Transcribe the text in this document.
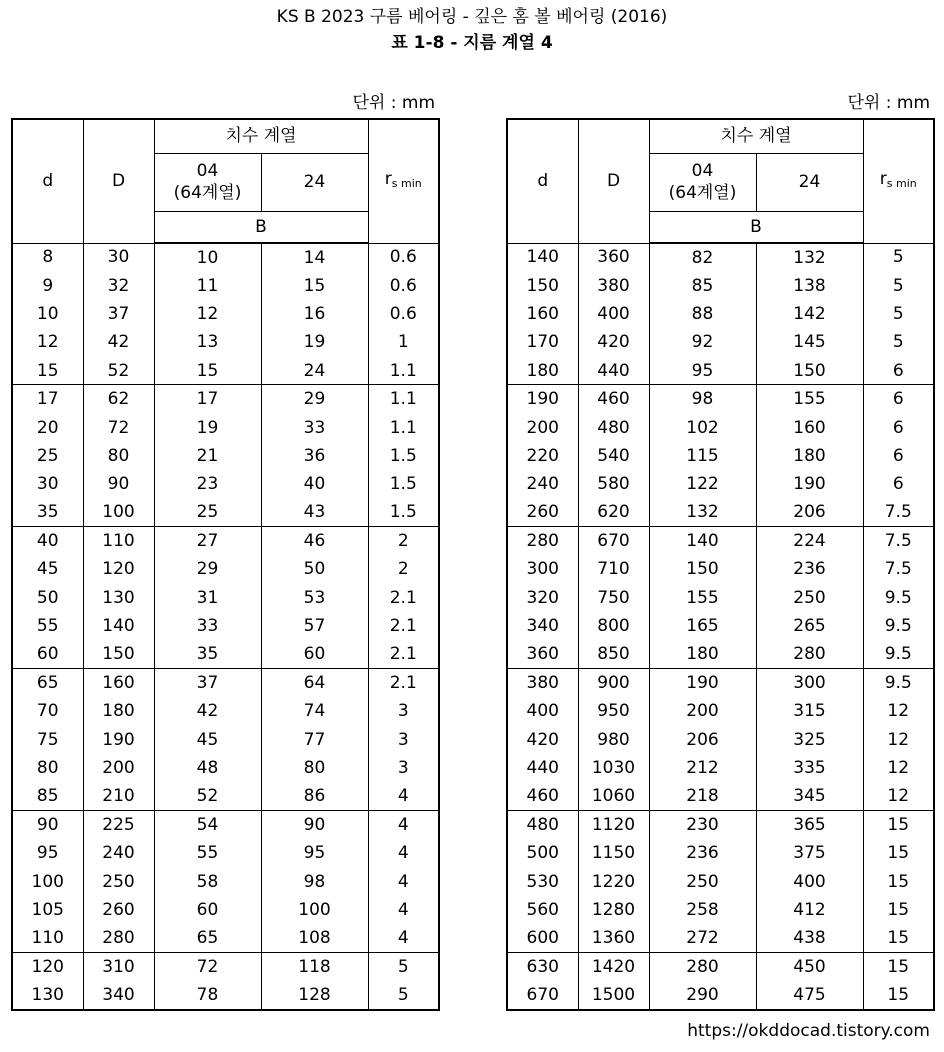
KS B 2023 구름 베어링 - 깊은 홈 볼 베어링 (2016)
표 1-8 - 지름 계열 4
단위 : mm	단위 : mm
d	D	치수 계열		rs min

		04
(64계열)	24	
		B		
8	30	10	14	0.6
9	32	11	15	0.6
10	37	12	16	0.6
12	42	13	19	1
15	52	15	24	1.1
17	62	17	29	1.1
20	72	19	33	1.1
25	80	21	36	1.5
30	90	23	40	1.5
35	100	25	43	1.5
40	110	27	46	2
45	120	29	50	2
50	130	31	53	2.1
55	140	33	57	2.1
60	150	35	60	2.1
65	160	37	64	2.1
70	180	42	74	3
75	190	45	77	3
80	200	48	80	3
85	210	52	86	4
90	225	54	90	4
95	240	55	95	4
100	250	58	98	4
105	260	60	100	4
110	280	65	108	4
120	310	72	118	5
130	340	78	128	5
d	D	치수 계열		rs min

		04
(64계열)	24	
		B		
140	360	82	132	5
150	380	85	138	5
160	400	88	142	5
170	420	92	145	5
180	440	95	150	6
190	460	98	155	6
200	480	102	160	6
220	540	115	180	6
240	580	122	190	6
260	620	132	206	7.5
280	670	140	224	7.5
300	710	150	236	7.5
320	750	155	250	9.5
340	800	165	265	9.5
360	850	180	280	9.5
380	900	190	300	9.5
400	950	200	315	12
420	980	206	325	12
440	1030	212	335	12
460	1060	218	345	12
480	1120	230	365	15
500	1150	236	375	15
530	1220	250	400	15
560	1280	258	412	15
600	1360	272	438	15
630	1420	280	450	15
670	1500	290	475	15
https://okddocad.tistory.com
